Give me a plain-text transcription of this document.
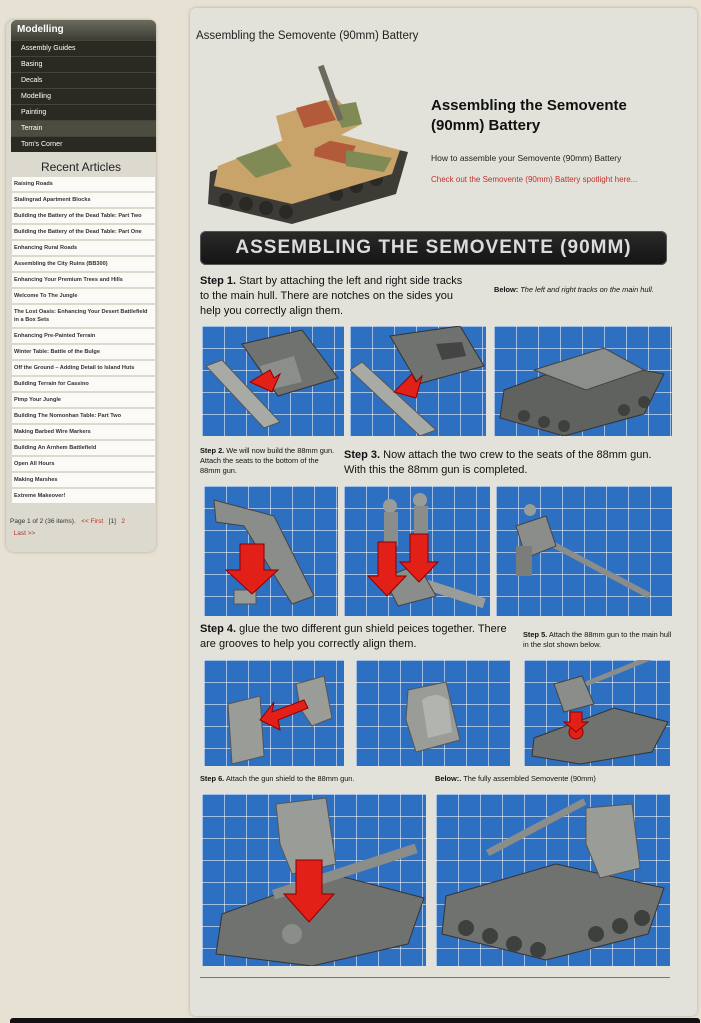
Modelling
Assembly Guides
Basing
Decals
Modelling
Painting
Terrain
Tom's Corner
Recent Articles
Raising Roads
Stalingrad Apartment Blocks
Building the Battery of the Dead Table: Part Two
Building the Battery of the Dead Table: Part One
Enhancing Rural Roads
Assembling the City Ruins (BB300)
Enhancing Your Premium Trees and Hills
Welcome To The Jungle
The Lost Oasis: Enhancing Your Desert Battlefield in a Box Sets
Enhancing Pre-Painted Terrain
Winter Table: Battle of the Bulge
Off the Ground – Adding Detail to Island Huts
Building Terrain for Cassino
Pimp Your Jungle
Building The Nomonhan Table: Part Two
Making Barbed Wire Markers
Building An Arnhem Battlefield
Open All Hours
Making Marshes
Extreme Makeover!
Page 1 of 2 (36 items). << First [1] 2
Last >>
Assembling the Semovente (90mm) Battery
Assembling the Semovente (90mm) Battery
How to assemble your Semovente (90mm) Battery
Check out the Semovente (90mm) Battery spotlight here...
ASSEMBLING THE SEMOVENTE (90MM)
Step 1. Start by attaching the left and right side tracks to the main hull. There are notches on the sides you help you correctly align them.
Below: The left and right tracks on the main hull.
Step 2. We will now build the 88mm gun. Attach the seats to the bottom of the 88mm gun.
Step 3. Now attach the two crew to the seats of the 88mm gun. With this the 88mm gun is completed.
Step 4. glue the two different gun shield peices together. There are grooves to help you correctly align them.
Step 5. Attach the 88mm gun to the main hull in the slot shown below.
Step 6. Attach the gun shield to the 88mm gun.	Below:. The fully assembled Semovente (90mm)
